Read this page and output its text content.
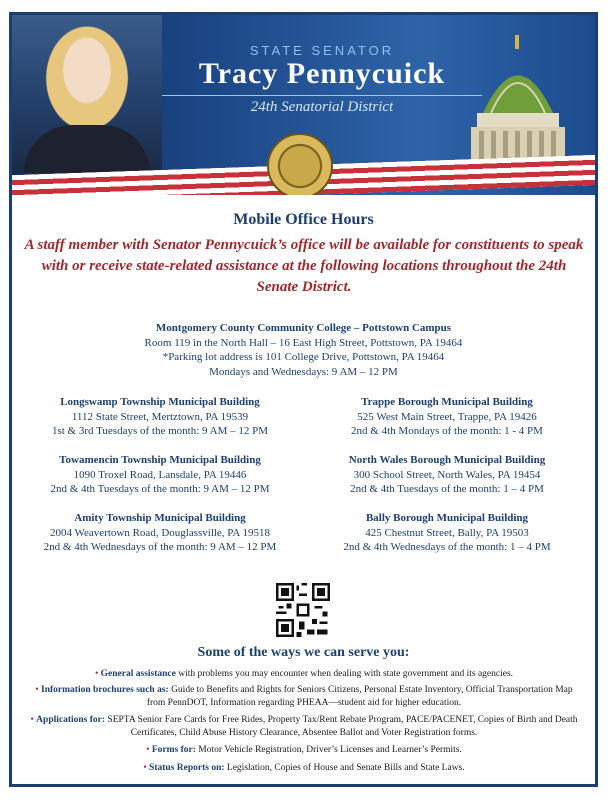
STATE SENATOR
Tracy Pennycuick
24th Senatorial District
Mobile Office Hours
A staff member with Senator Pennycuick’s office will be available for constituents to speak with or receive state-related assistance at the following locations throughout the 24th Senate District.
Montgomery County Community College – Pottstown Campus
Room 119 in the North Hall – 16 East High Street, Pottstown, PA 19464
*Parking lot address is 101 College Drive, Pottstown, PA 19464
Mondays and Wednesdays: 9 AM – 12 PM
Longswamp Township Municipal Building
1112 State Street, Mertztown, PA 19539
1st & 3rd Tuesdays of the month: 9 AM – 12 PM
Trappe Borough Municipal Building
525 West Main Street, Trappe, PA 19426
2nd & 4th Mondays of the month: 1 - 4 PM
Towamencin Township Municipal Building
1090 Troxel Road, Lansdale, PA 19446
2nd & 4th Tuesdays of the month: 9 AM – 12 PM
North Wales Borough Municipal Building
300 School Street, North Wales, PA 19454
2nd & 4th Tuesdays of the month: 1 – 4 PM
Amity Township Municipal Building
2004 Weavertown Road, Douglassville, PA 19518
2nd & 4th Wednesdays of the month: 9 AM – 12 PM
Bally Borough Municipal Building
425 Chestnut Street, Bally, PA 19503
2nd & 4th Wednesdays of the month: 1 – 4 PM
Some of the ways we can serve you:
• General assistance with problems you may encounter when dealing with state government and its agencies.
• Information brochures such as: Guide to Benefits and Rights for Seniors Citizens, Personal Estate Inventory, Official Transportation Map from PennDOT, Information regarding PHEAA—student aid for higher education.
• Applications for: SEPTA Senior Fare Cards for Free Rides, Property Tax/Rent Rebate Program, PACE/PACENET, Copies of Birth and Death Certificates, Child Abuse History Clearance, Absentee Ballot and Voter Registration forms.
• Forms for: Motor Vehicle Registration, Driver’s Licenses and Learner’s Permits.
• Status Reports on: Legislation, Copies of House and Senate Bills and State Laws.
